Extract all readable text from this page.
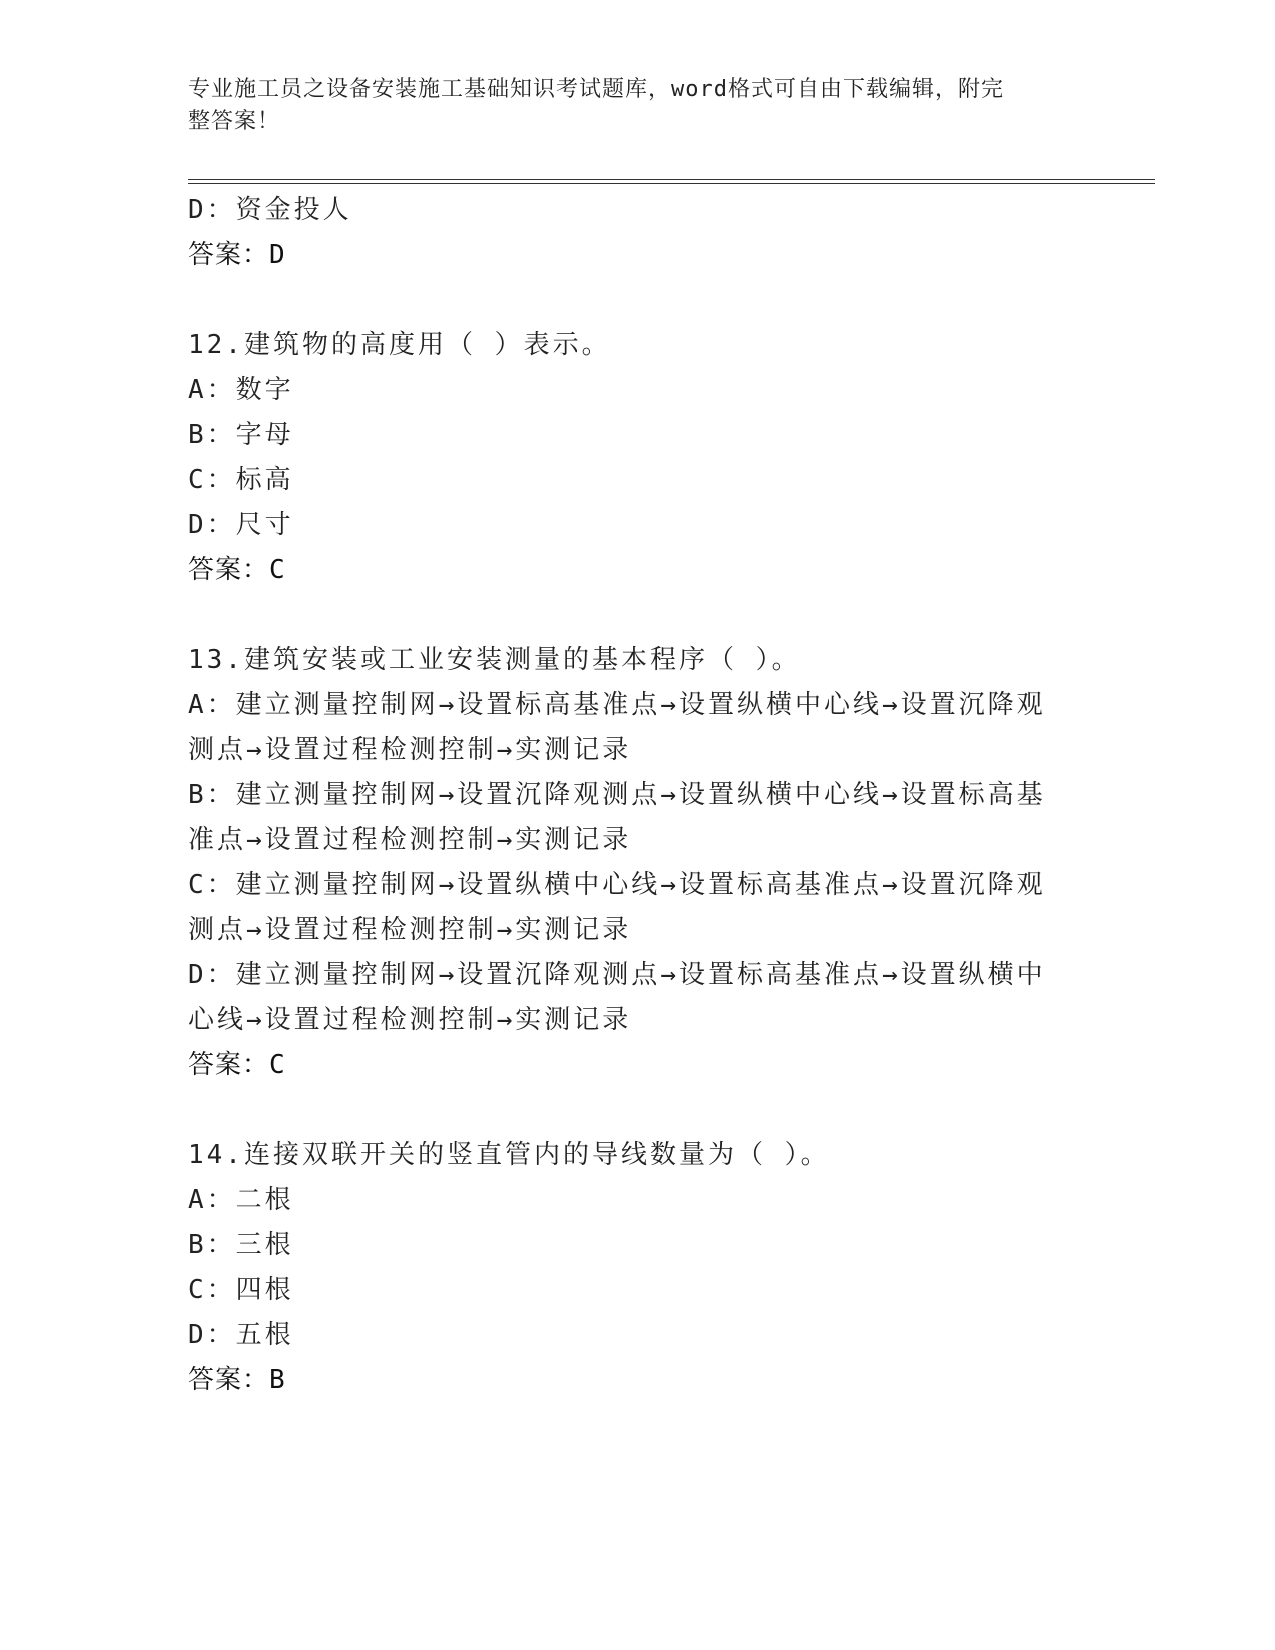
专业施工员之设备安装施工基础知识考试题库，word格式可自由下载编辑，附完
整答案！
D：资金投人
答案：D
12.建筑物的高度用（ ）表示。
A：数字
B：字母
C：标高
D：尺寸
答案：C
13.建筑安装或工业安装测量的基本程序（ ）。
A：建立测量控制网→设置标高基准点→设置纵横中心线→设置沉降观
测点→设置过程检测控制→实测记录
B：建立测量控制网→设置沉降观测点→设置纵横中心线→设置标高基
准点→设置过程检测控制→实测记录
C：建立测量控制网→设置纵横中心线→设置标高基准点→设置沉降观
测点→设置过程检测控制→实测记录
D：建立测量控制网→设置沉降观测点→设置标高基准点→设置纵横中
心线→设置过程检测控制→实测记录
答案：C
14.连接双联开关的竖直管内的导线数量为（ ）。
A：二根
B：三根
C：四根
D：五根
答案：B
